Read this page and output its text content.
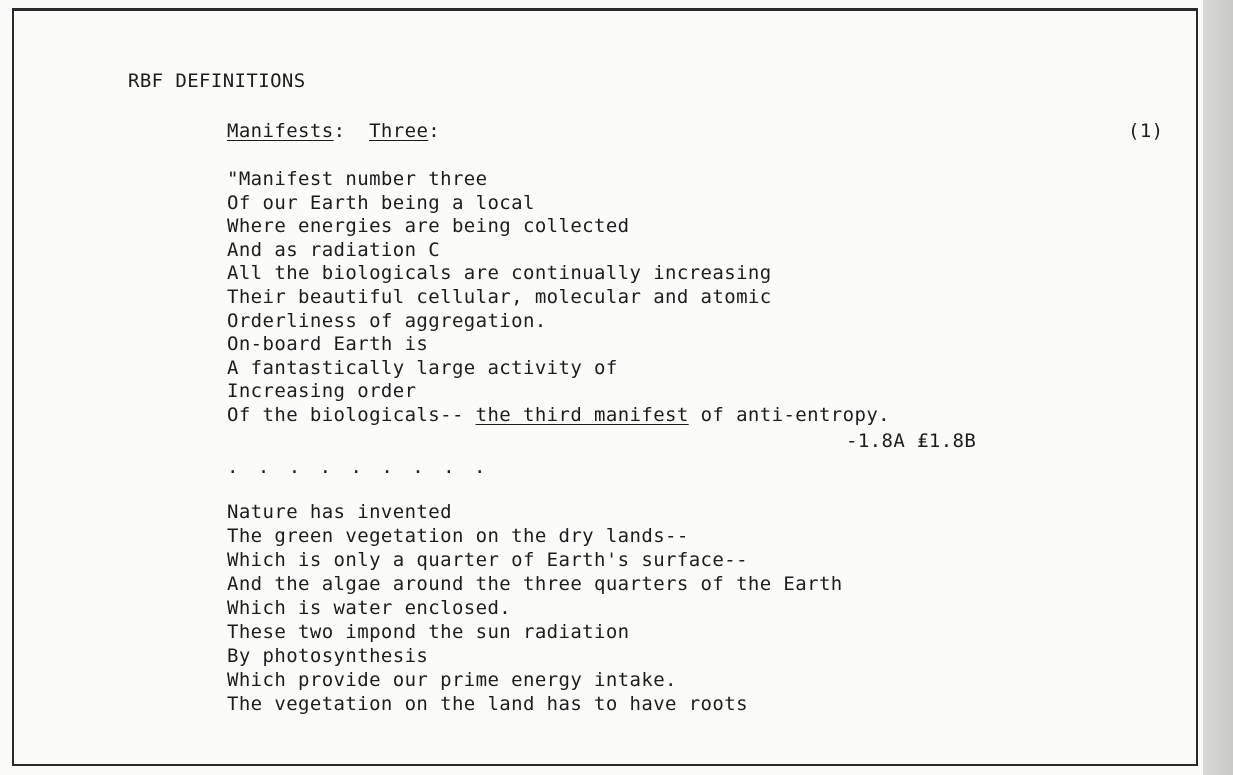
RBF DEFINITIONS
Manifests: Three:	(1)
"Manifest number three
Of our Earth being a local
Where energies are being collected
And as radiation C
All the biologicals are continually increasing
Their beautiful cellular, molecular and atomic
Orderliness of aggregation.
On-board Earth is
A fantastically large activity of
Increasing order
Of the biologicals-- the third manifest of anti-entropy.
-1.8A ₤1.8B
. . . . . . . . .
Nature has invented
The green vegetation on the dry lands--
Which is only a quarter of Earth's surface--
And the algae around the three quarters of the Earth
Which is water enclosed.
These two impond the sun radiation
By photosynthesis
Which provide our prime energy intake.
The vegetation on the land has to have roots
